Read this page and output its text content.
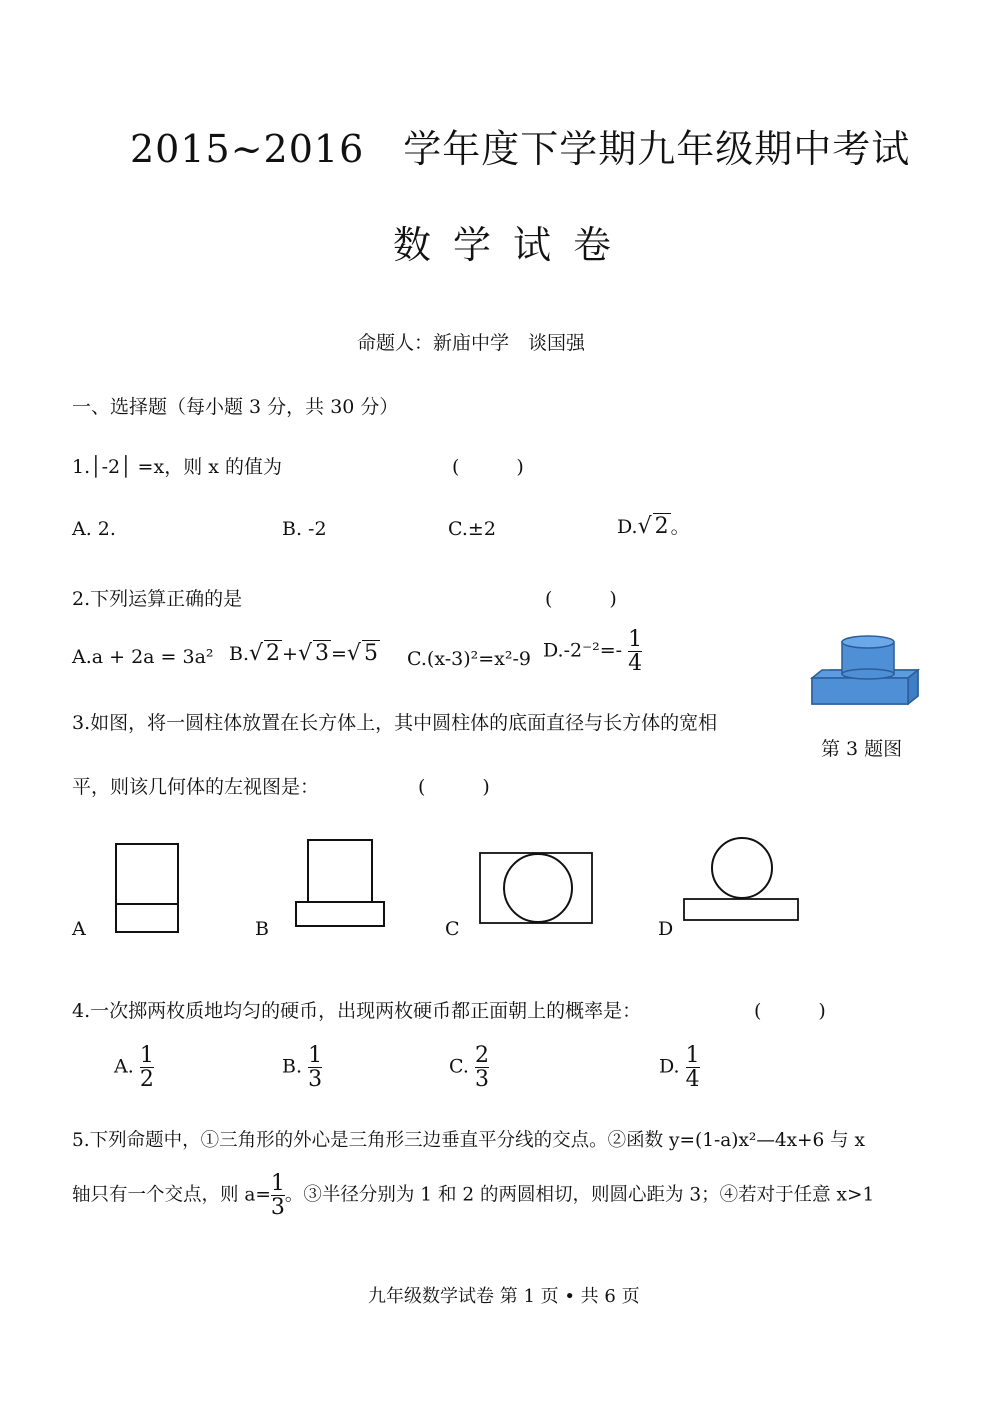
2015~2016　学年度下学期九年级期中考试
数学试卷
命题人：新庙中学　谈国强
一、选择题（每小题 3 分，共 30 分）
1.│-2│ =x，则 x 的值为	(　　　)
A. 2.	B. -2	C.±2	D.√ 2 。
2.下列运算正确的是	(　　　)
A.a + 2a = 3a² B.√ 2 +√ 3 =√ 5 C.(x-3)²=x²-9 $D.-2^{-2}=- \frac{1}{4}$
第 3 题图
3.如图，将一圆柱体放置在长方体上，其中圆柱体的底面直径与长方体的宽相
平，则该几何体的左视图是：	(　　　)
A	B	C	D
4.一次掷两枚质地均匀的硬币，出现两枚硬币都正面朝上的概率是：	(　　　)
A. $\frac{1}{2}$	B. $\frac{1}{3}$	C. $\frac{2}{3}$	D. $\frac{1}{4}$
5.下列命题中，①三角形的外心是三角形三边垂直平分线的交点。②函数 y=(1-a)x²—4x+6 与 x
轴只有一个交点，则 $a= \frac{1}{3}$ 。③半径分别为 1 和 2 的两圆相切，则圆心距为 3；④若对于任意 x>1
九年级数学试卷 第 1 页 • 共 6 页
